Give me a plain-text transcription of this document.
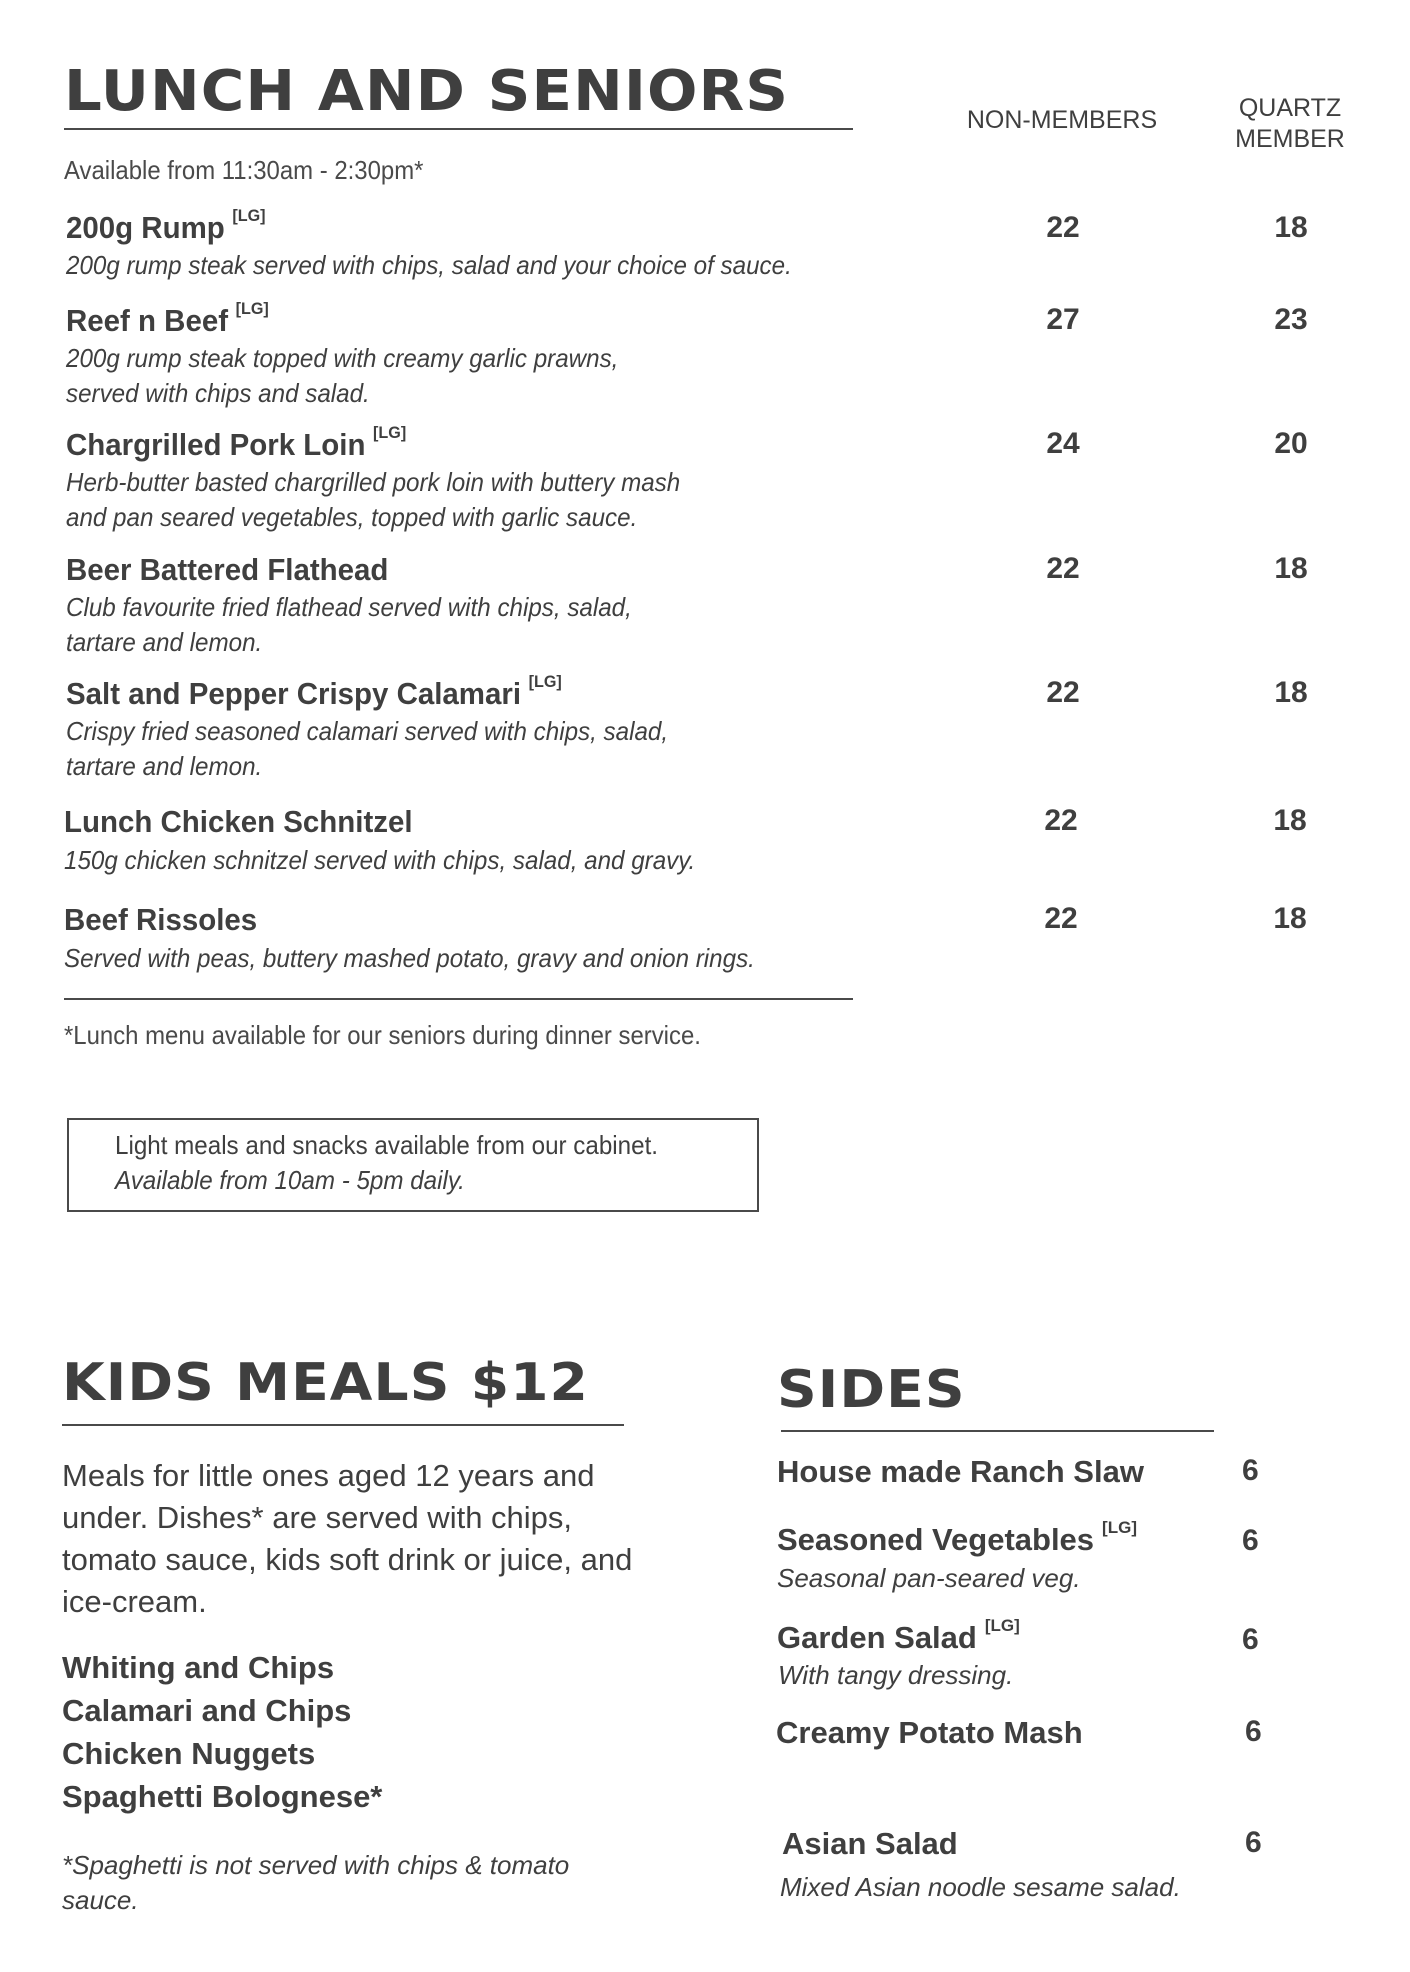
LUNCH AND SENIORS
Available from 11:30am - 2:30pm*
NON-MEMBERS	QUARTZ
MEMBER
200g Rump [LG]
200g rump steak served with chips, salad and your choice of sauce.
22	18
Reef n Beef [LG]
200g rump steak topped with creamy garlic prawns,
served with chips and salad.
27	23
Chargrilled Pork Loin [LG]
Herb-butter basted chargrilled pork loin with buttery mash
and pan seared vegetables, topped with garlic sauce.
24	20
Beer Battered Flathead
Club favourite fried flathead served with chips, salad,
tartare and lemon.
22	18
Salt and Pepper Crispy Calamari [LG]
Crispy fried seasoned calamari served with chips, salad,
tartare and lemon.
22	18
Lunch Chicken Schnitzel
150g chicken schnitzel served with chips, salad, and gravy.
22	18
Beef Rissoles
Served with peas, buttery mashed potato, gravy and onion rings.
22	18
*Lunch menu available for our seniors during dinner service.
Light meals and snacks available from our cabinet.
Available from 10am - 5pm daily.
KIDS MEALS $12
Meals for little ones aged 12 years and under. Dishes* are served with chips, tomato sauce, kids soft drink or juice, and ice-cream.
Whiting and Chips
Calamari and Chips
Chicken Nuggets
Spaghetti Bolognese*
*Spaghetti is not served with chips & tomato sauce.
SIDES
House made Ranch Slaw	6
Seasoned Vegetables [LG]
Seasonal pan-seared veg.
6
Garden Salad [LG]
With tangy dressing.
6
Creamy Potato Mash	6
Asian Salad
Mixed Asian noodle sesame salad.
6
